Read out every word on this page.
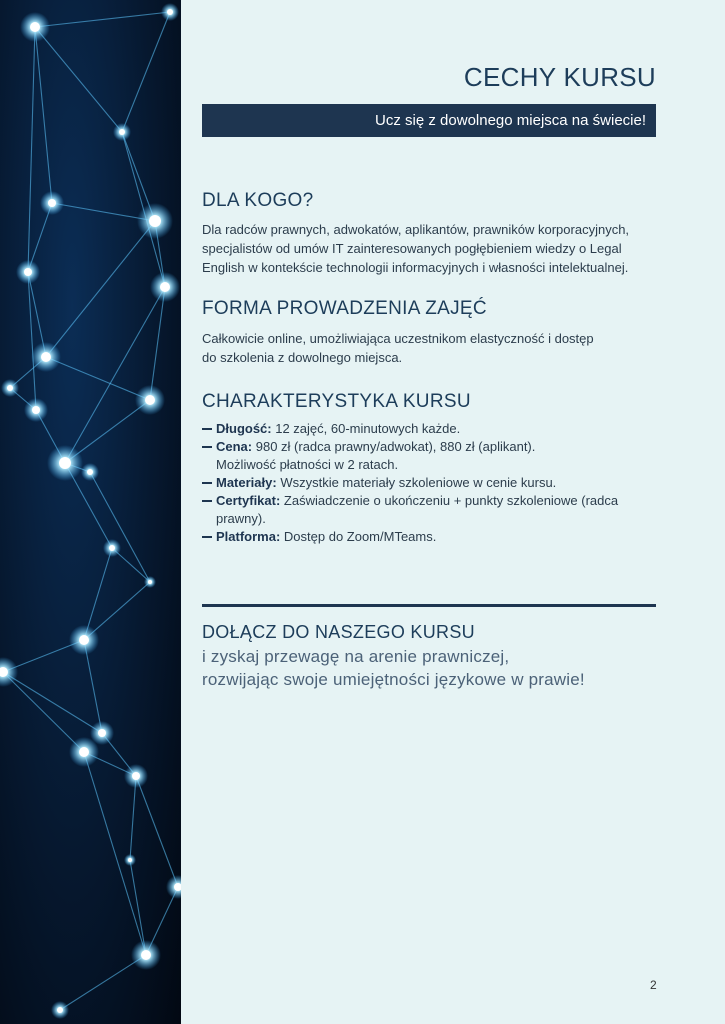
CECHY KURSU
Ucz się z dowolnego miejsca na świecie!
DLA KOGO?

Dla radców prawnych, adwokatów, aplikantów, prawników korporacyjnych,
specjalistów od umów IT zainteresowanych pogłębieniem wiedzy o Legal
English w kontekście technologii informacyjnych i własności intelektualnej.

FORMA PROWADZENIA ZAJĘĆ

Całkowicie online, umożliwiająca uczestnikom elastyczność i dostęp
do szkolenia z dowolnego miejsca.

CHARAKTERYSTYKA KURSU
Długość: 12 zajęć, 60-minutowych każde.
Cena: 980 zł (radca prawny/adwokat), 880 zł (aplikant).
Możliwość płatności w 2 ratach.
Materiały: Wszystkie materiały szkoleniowe w cenie kursu.
Certyfikat: Zaświadczenie o ukończeniu + punkty szkoleniowe (radca
prawny).
Platforma: Dostęp do Zoom/MTeams.
DOŁĄCZ DO NASZEGO KURSU

i zyskaj przewagę na arenie prawniczej,

rozwijając swoje umiejętności językowe w prawie!

2
